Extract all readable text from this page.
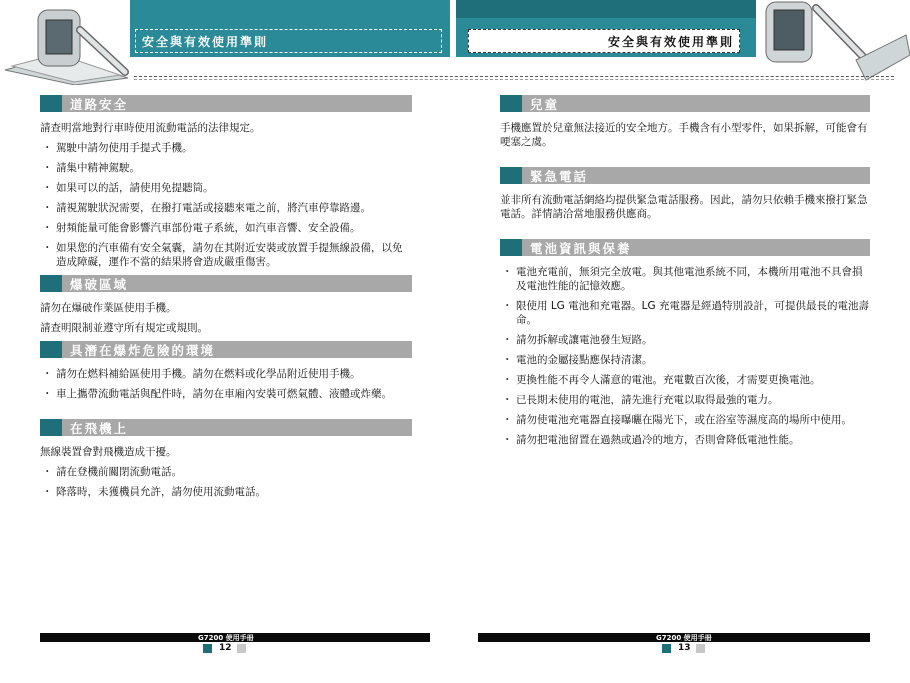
安全與有效使用準則	安全與有效使用準則
道路安全

請查明當地對行車時使用流動電話的法律規定。

・ 駕駛中請勿使用手提式手機。
・ 請集中精神駕駛。
・ 如果可以的話，請使用免提聽筒。
・ 請視駕駛狀況需要，在撥打電話或接聽來電之前，將汽車停靠路邊。
・ 射頻能量可能會影響汽車部份電子系統，如汽車音響、安全設備。
・ 如果您的汽車備有安全氣囊，請勿在其附近安裝或放置手提無線設備，以免造成障礙，運作不當的結果將會造成嚴重傷害。
爆破區域

請勿在爆破作業區使用手機。

請查明限制並遵守所有規定或規則。

具潛在爆炸危險的環境
・ 請勿在燃料補給區使用手機。請勿在燃料或化學品附近使用手機。
・ 車上攜帶流動電話與配件時，請勿在車廂內安裝可燃氣體、液體或炸藥。
在飛機上

無線裝置會對飛機造成干擾。

・ 請在登機前關閉流動電話。
・ 降落時，未獲機員允許，請勿使用流動電話。
兒童

手機應置於兒童無法接近的安全地方。手機含有小型零件，如果拆解，可能會有哽塞之虞。

緊急電話

並非所有流動電話網絡均提供緊急電話服務。因此，請勿只依賴手機來撥打緊急電話。詳情請洽當地服務供應商。

電池資訊與保養
・ 電池充電前，無須完全放電。與其他電池系統不同，本機所用電池不具會損及電池性能的記憶效應。
・ 限使用 LG 電池和充電器。LG 充電器是經過特別設計，可提供最長的電池壽命。
・ 請勿拆解或讓電池發生短路。
・ 電池的金屬接點應保持清潔。
・ 更換性能不再令人滿意的電池。充電數百次後，才需要更換電池。
・ 已長期未使用的電池，請先進行充電以取得最強的電力。
・ 請勿使電池充電器直接曝曬在陽光下，或在浴室等濕度高的場所中使用。
・ 請勿把電池留置在過熱或過冷的地方，否則會降低電池性能。
G7200 使用手冊
12
G7200 使用手冊
13
